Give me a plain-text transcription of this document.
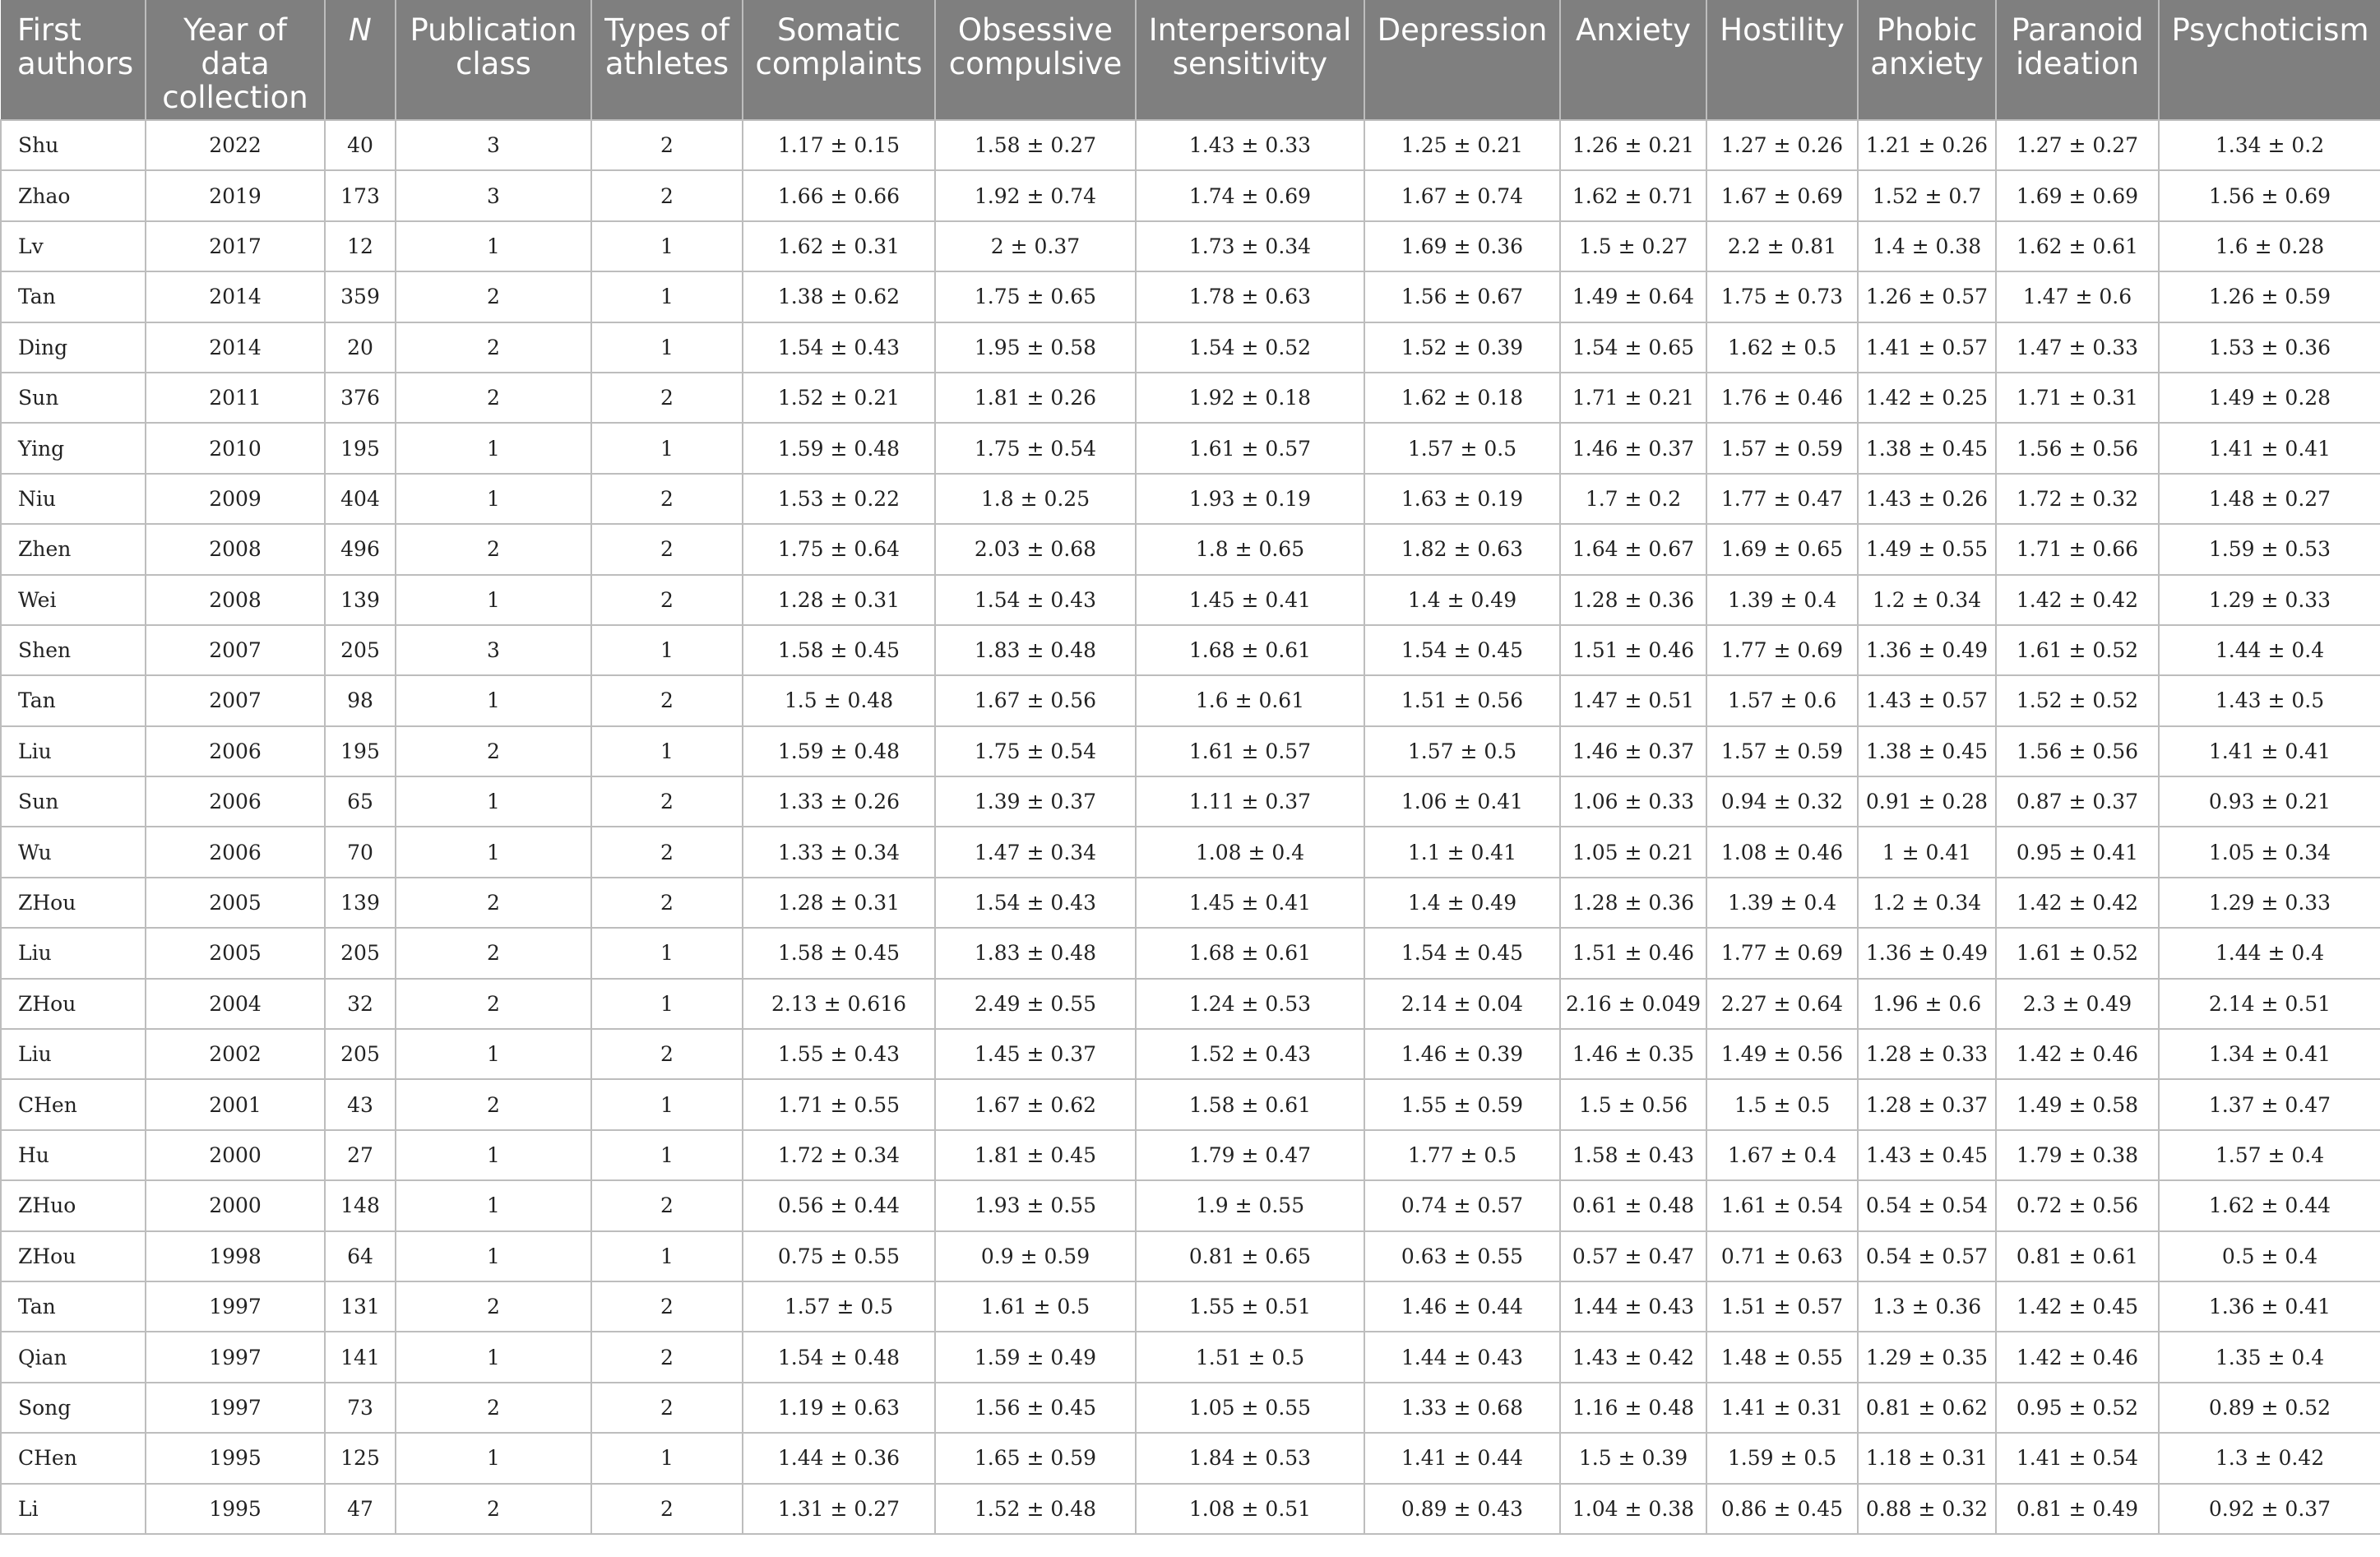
First authors	Year of data collection	N	Publication class	Types of athletes	Somatic complaints	Obsessive compulsive	Interpersonal sensitivity	Depression	Anxiety	Hostility	Phobic anxiety	Paranoid ideation	Psychoticism
Shu	2022	40	3	2	1.17 ± 0.15	1.58 ± 0.27	1.43 ± 0.33	1.25 ± 0.21	1.26 ± 0.21	1.27 ± 0.26	1.21 ± 0.26	1.27 ± 0.27	1.34 ± 0.2
Zhao	2019	173	3	2	1.66 ± 0.66	1.92 ± 0.74	1.74 ± 0.69	1.67 ± 0.74	1.62 ± 0.71	1.67 ± 0.69	1.52 ± 0.7	1.69 ± 0.69	1.56 ± 0.69
Lv	2017	12	1	1	1.62 ± 0.31	2 ± 0.37	1.73 ± 0.34	1.69 ± 0.36	1.5 ± 0.27	2.2 ± 0.81	1.4 ± 0.38	1.62 ± 0.61	1.6 ± 0.28
Tan	2014	359	2	1	1.38 ± 0.62	1.75 ± 0.65	1.78 ± 0.63	1.56 ± 0.67	1.49 ± 0.64	1.75 ± 0.73	1.26 ± 0.57	1.47 ± 0.6	1.26 ± 0.59
Ding	2014	20	2	1	1.54 ± 0.43	1.95 ± 0.58	1.54 ± 0.52	1.52 ± 0.39	1.54 ± 0.65	1.62 ± 0.5	1.41 ± 0.57	1.47 ± 0.33	1.53 ± 0.36
Sun	2011	376	2	2	1.52 ± 0.21	1.81 ± 0.26	1.92 ± 0.18	1.62 ± 0.18	1.71 ± 0.21	1.76 ± 0.46	1.42 ± 0.25	1.71 ± 0.31	1.49 ± 0.28
Ying	2010	195	1	1	1.59 ± 0.48	1.75 ± 0.54	1.61 ± 0.57	1.57 ± 0.5	1.46 ± 0.37	1.57 ± 0.59	1.38 ± 0.45	1.56 ± 0.56	1.41 ± 0.41
Niu	2009	404	1	2	1.53 ± 0.22	1.8 ± 0.25	1.93 ± 0.19	1.63 ± 0.19	1.7 ± 0.2	1.77 ± 0.47	1.43 ± 0.26	1.72 ± 0.32	1.48 ± 0.27
Zhen	2008	496	2	2	1.75 ± 0.64	2.03 ± 0.68	1.8 ± 0.65	1.82 ± 0.63	1.64 ± 0.67	1.69 ± 0.65	1.49 ± 0.55	1.71 ± 0.66	1.59 ± 0.53
Wei	2008	139	1	2	1.28 ± 0.31	1.54 ± 0.43	1.45 ± 0.41	1.4 ± 0.49	1.28 ± 0.36	1.39 ± 0.4	1.2 ± 0.34	1.42 ± 0.42	1.29 ± 0.33
Shen	2007	205	3	1	1.58 ± 0.45	1.83 ± 0.48	1.68 ± 0.61	1.54 ± 0.45	1.51 ± 0.46	1.77 ± 0.69	1.36 ± 0.49	1.61 ± 0.52	1.44 ± 0.4
Tan	2007	98	1	2	1.5 ± 0.48	1.67 ± 0.56	1.6 ± 0.61	1.51 ± 0.56	1.47 ± 0.51	1.57 ± 0.6	1.43 ± 0.57	1.52 ± 0.52	1.43 ± 0.5
Liu	2006	195	2	1	1.59 ± 0.48	1.75 ± 0.54	1.61 ± 0.57	1.57 ± 0.5	1.46 ± 0.37	1.57 ± 0.59	1.38 ± 0.45	1.56 ± 0.56	1.41 ± 0.41
Sun	2006	65	1	2	1.33 ± 0.26	1.39 ± 0.37	1.11 ± 0.37	1.06 ± 0.41	1.06 ± 0.33	0.94 ± 0.32	0.91 ± 0.28	0.87 ± 0.37	0.93 ± 0.21
Wu	2006	70	1	2	1.33 ± 0.34	1.47 ± 0.34	1.08 ± 0.4	1.1 ± 0.41	1.05 ± 0.21	1.08 ± 0.46	1 ± 0.41	0.95 ± 0.41	1.05 ± 0.34
ZHou	2005	139	2	2	1.28 ± 0.31	1.54 ± 0.43	1.45 ± 0.41	1.4 ± 0.49	1.28 ± 0.36	1.39 ± 0.4	1.2 ± 0.34	1.42 ± 0.42	1.29 ± 0.33
Liu	2005	205	2	1	1.58 ± 0.45	1.83 ± 0.48	1.68 ± 0.61	1.54 ± 0.45	1.51 ± 0.46	1.77 ± 0.69	1.36 ± 0.49	1.61 ± 0.52	1.44 ± 0.4
ZHou	2004	32	2	1	2.13 ± 0.616	2.49 ± 0.55	1.24 ± 0.53	2.14 ± 0.04	2.16 ± 0.049	2.27 ± 0.64	1.96 ± 0.6	2.3 ± 0.49	2.14 ± 0.51
Liu	2002	205	1	2	1.55 ± 0.43	1.45 ± 0.37	1.52 ± 0.43	1.46 ± 0.39	1.46 ± 0.35	1.49 ± 0.56	1.28 ± 0.33	1.42 ± 0.46	1.34 ± 0.41
CHen	2001	43	2	1	1.71 ± 0.55	1.67 ± 0.62	1.58 ± 0.61	1.55 ± 0.59	1.5 ± 0.56	1.5 ± 0.5	1.28 ± 0.37	1.49 ± 0.58	1.37 ± 0.47
Hu	2000	27	1	1	1.72 ± 0.34	1.81 ± 0.45	1.79 ± 0.47	1.77 ± 0.5	1.58 ± 0.43	1.67 ± 0.4	1.43 ± 0.45	1.79 ± 0.38	1.57 ± 0.4
ZHuo	2000	148	1	2	0.56 ± 0.44	1.93 ± 0.55	1.9 ± 0.55	0.74 ± 0.57	0.61 ± 0.48	1.61 ± 0.54	0.54 ± 0.54	0.72 ± 0.56	1.62 ± 0.44
ZHou	1998	64	1	1	0.75 ± 0.55	0.9 ± 0.59	0.81 ± 0.65	0.63 ± 0.55	0.57 ± 0.47	0.71 ± 0.63	0.54 ± 0.57	0.81 ± 0.61	0.5 ± 0.4
Tan	1997	131	2	2	1.57 ± 0.5	1.61 ± 0.5	1.55 ± 0.51	1.46 ± 0.44	1.44 ± 0.43	1.51 ± 0.57	1.3 ± 0.36	1.42 ± 0.45	1.36 ± 0.41
Qian	1997	141	1	2	1.54 ± 0.48	1.59 ± 0.49	1.51 ± 0.5	1.44 ± 0.43	1.43 ± 0.42	1.48 ± 0.55	1.29 ± 0.35	1.42 ± 0.46	1.35 ± 0.4
Song	1997	73	2	2	1.19 ± 0.63	1.56 ± 0.45	1.05 ± 0.55	1.33 ± 0.68	1.16 ± 0.48	1.41 ± 0.31	0.81 ± 0.62	0.95 ± 0.52	0.89 ± 0.52
CHen	1995	125	1	1	1.44 ± 0.36	1.65 ± 0.59	1.84 ± 0.53	1.41 ± 0.44	1.5 ± 0.39	1.59 ± 0.5	1.18 ± 0.31	1.41 ± 0.54	1.3 ± 0.42
Li	1995	47	2	2	1.31 ± 0.27	1.52 ± 0.48	1.08 ± 0.51	0.89 ± 0.43	1.04 ± 0.38	0.86 ± 0.45	0.88 ± 0.32	0.81 ± 0.49	0.92 ± 0.37
